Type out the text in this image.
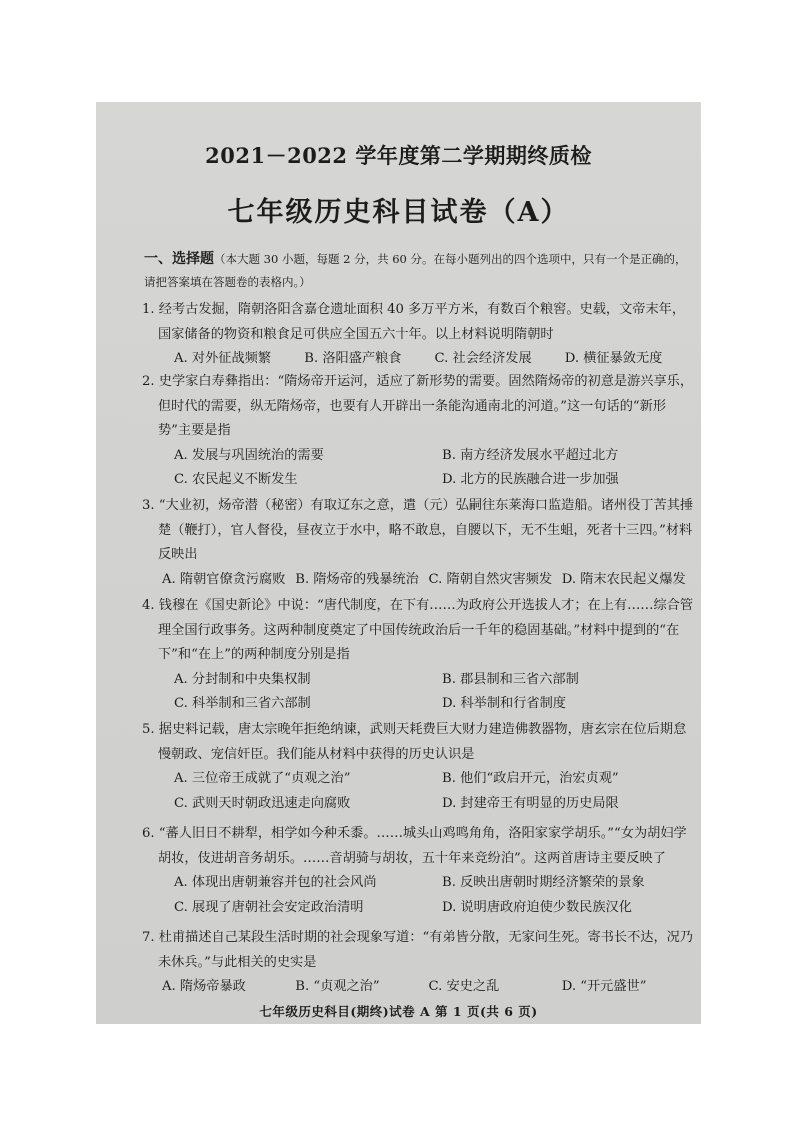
2021－2022 学年度第二学期期终质检
七年级历史科目试卷（A）
一、选择题（本大题 30 小题，每题 2 分，共 60 分。在每小题列出的四个选项中，只有一个是正确的，请把答案填在答题卷的表格内。）
1. 经考古发掘，隋朝洛阳含嘉仓遗址面积 40 多万平方米，有数百个粮窖。史载，文帝末年，国家储备的物资和粮食足可供应全国五六十年。以上材料说明隋朝时
A. 对外征战频繁	B. 洛阳盛产粮食	C. 社会经济发展	D. 横征暴敛无度
2. 史学家白寿彝指出：“隋炀帝开运河，适应了新形势的需要。固然隋炀帝的初意是游兴享乐，但时代的需要，纵无隋炀帝，也要有人开辟出一条能沟通南北的河道。”这一句话的“新形势”主要是指
A. 发展与巩固统治的需要	B. 南方经济发展水平超过北方
C. 农民起义不断发生	D. 北方的民族融合进一步加强
3. “大业初，炀帝潜（秘密）有取辽东之意，遣（元）弘嗣往东莱海口监造船。诸州役丁苦其捶楚（鞭打），官人督役，昼夜立于水中，略不敢息，自腰以下，无不生蛆，死者十三四。”材料反映出
A. 隋朝官僚贪污腐败 B. 隋炀帝的残暴统治 C. 隋朝自然灾害频发 D. 隋末农民起义爆发
4. 钱穆在《国史新论》中说：“唐代制度，在下有……为政府公开选拔人才；在上有……综合管理全国行政事务。这两种制度奠定了中国传统政治后一千年的稳固基础。”材料中提到的“在下”和“在上”的两种制度分别是指
A. 分封制和中央集权制	B. 郡县制和三省六部制
C. 科举制和三省六部制	D. 科举制和行省制度
5. 据史料记载，唐太宗晚年拒绝纳谏，武则天耗费巨大财力建造佛教器物，唐玄宗在位后期怠慢朝政、宠信奸臣。我们能从材料中获得的历史认识是
A. 三位帝王成就了“贞观之治”	B. 他们“政启开元，治宏贞观”
C. 武则天时朝政迅速走向腐败	D. 封建帝王有明显的历史局限
6. “蕃人旧日不耕犁，相学如今种禾黍。……城头山鸡鸣角角，洛阳家家学胡乐。”“女为胡妇学胡妆，伎进胡音务胡乐。……音胡骑与胡妆，五十年来竞纷泊”。这两首唐诗主要反映了
A. 体现出唐朝兼容并包的社会风尚	B. 反映出唐朝时期经济繁荣的景象
C. 展现了唐朝社会安定政治清明	D. 说明唐政府迫使少数民族汉化
7. 杜甫描述自己某段生活时期的社会现象写道：“有弟皆分散，无家问生死。寄书长不达，况乃未休兵。”与此相关的史实是
A. 隋炀帝暴政	B. “贞观之治”	C. 安史之乱	D. “开元盛世”
七年级历史科目(期终)试卷 A 第 1 页(共 6 页)
